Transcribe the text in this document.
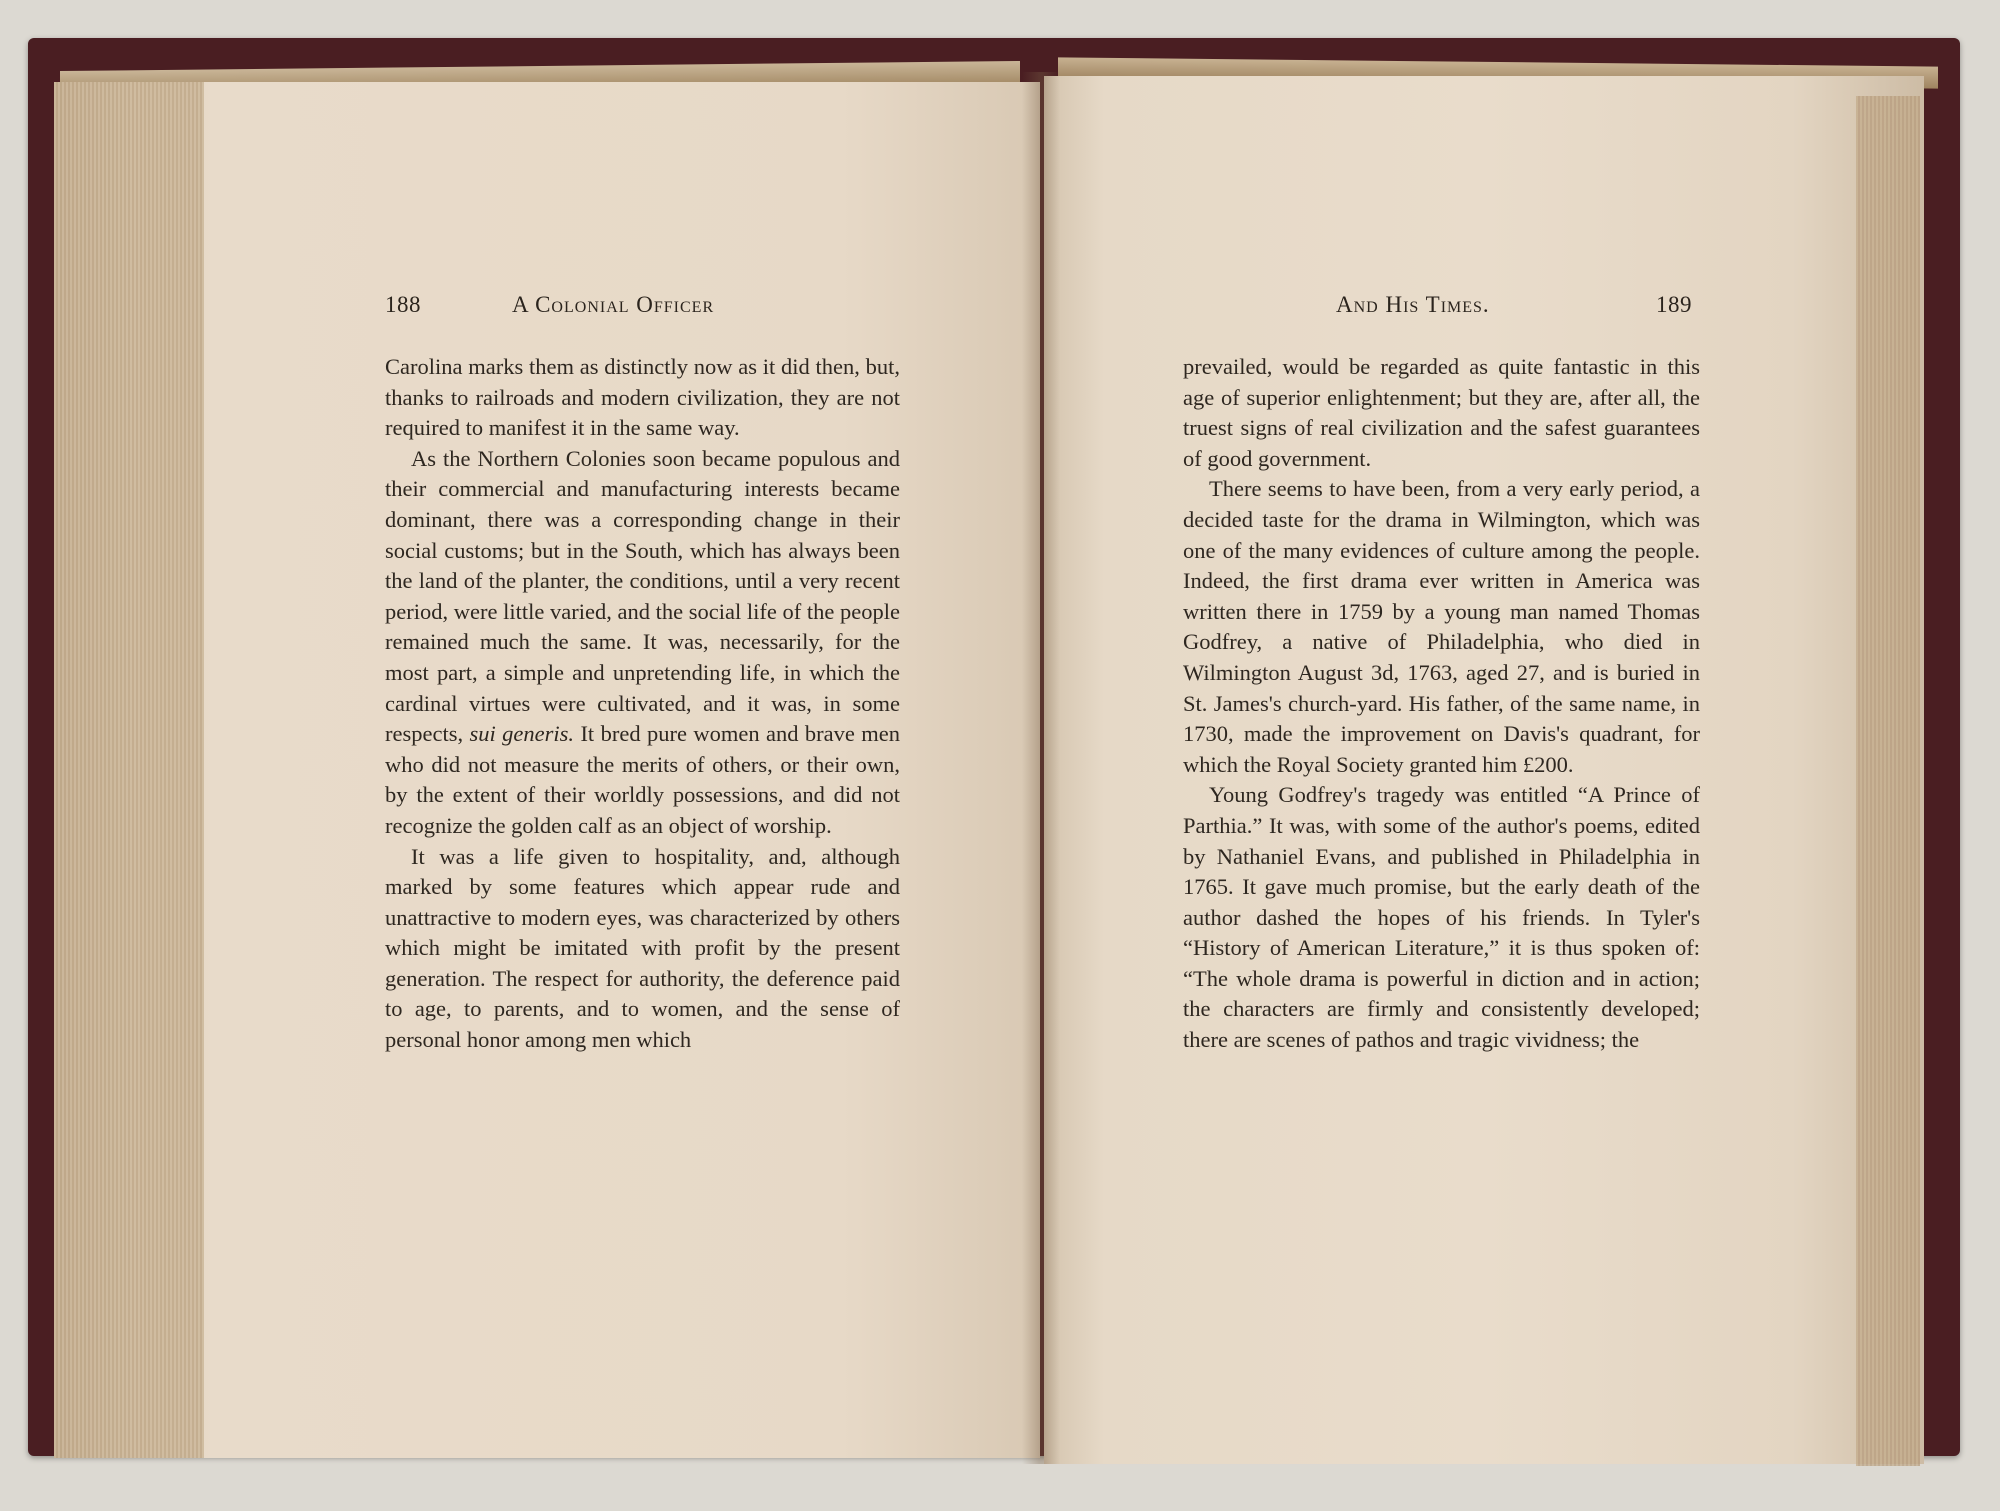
188	A Colonial Officer	And His Times.	189

Carolina marks them as distinctly now as it did then, but, thanks to railroads and modern civilization, they are not required to manifest it in the same way.

As the Northern Colonies soon became populous and their commercial and manufacturing interests became dominant, there was a corresponding change in their social customs; but in the South, which has always been the land of the planter, the conditions, until a very recent period, were little varied, and the social life of the people remained much the same. It was, necessarily, for the most part, a simple and unpretending life, in which the cardinal virtues were cultivated, and it was, in some respects, sui generis. It bred pure women and brave men who did not measure the merits of others, or their own, by the extent of their worldly possessions, and did not recognize the golden calf as an object of worship.

It was a life given to hospitality, and, although marked by some features which appear rude and unattractive to modern eyes, was characterized by others which might be imitated with profit by the present generation. The respect for authority, the deference paid to age, to parents, and to women, and the sense of personal honor among men which

prevailed, would be regarded as quite fantastic in this age of superior enlightenment; but they are, after all, the truest signs of real civilization and the safest guarantees of good government.

There seems to have been, from a very early period, a decided taste for the drama in Wilmington, which was one of the many evidences of culture among the people. Indeed, the first drama ever written in America was written there in 1759 by a young man named Thomas Godfrey, a native of Philadelphia, who died in Wilmington August 3d, 1763, aged 27, and is buried in St. James's church-yard. His father, of the same name, in 1730, made the improvement on Davis's quadrant, for which the Royal Society granted him £200.

Young Godfrey's tragedy was entitled “A Prince of Parthia.” It was, with some of the author's poems, edited by Nathaniel Evans, and published in Philadelphia in 1765. It gave much promise, but the early death of the author dashed the hopes of his friends. In Tyler's “History of American Literature,” it is thus spoken of: “The whole drama is powerful in diction and in action; the characters are firmly and consistently developed; there are scenes of pathos and tragic vividness; the
